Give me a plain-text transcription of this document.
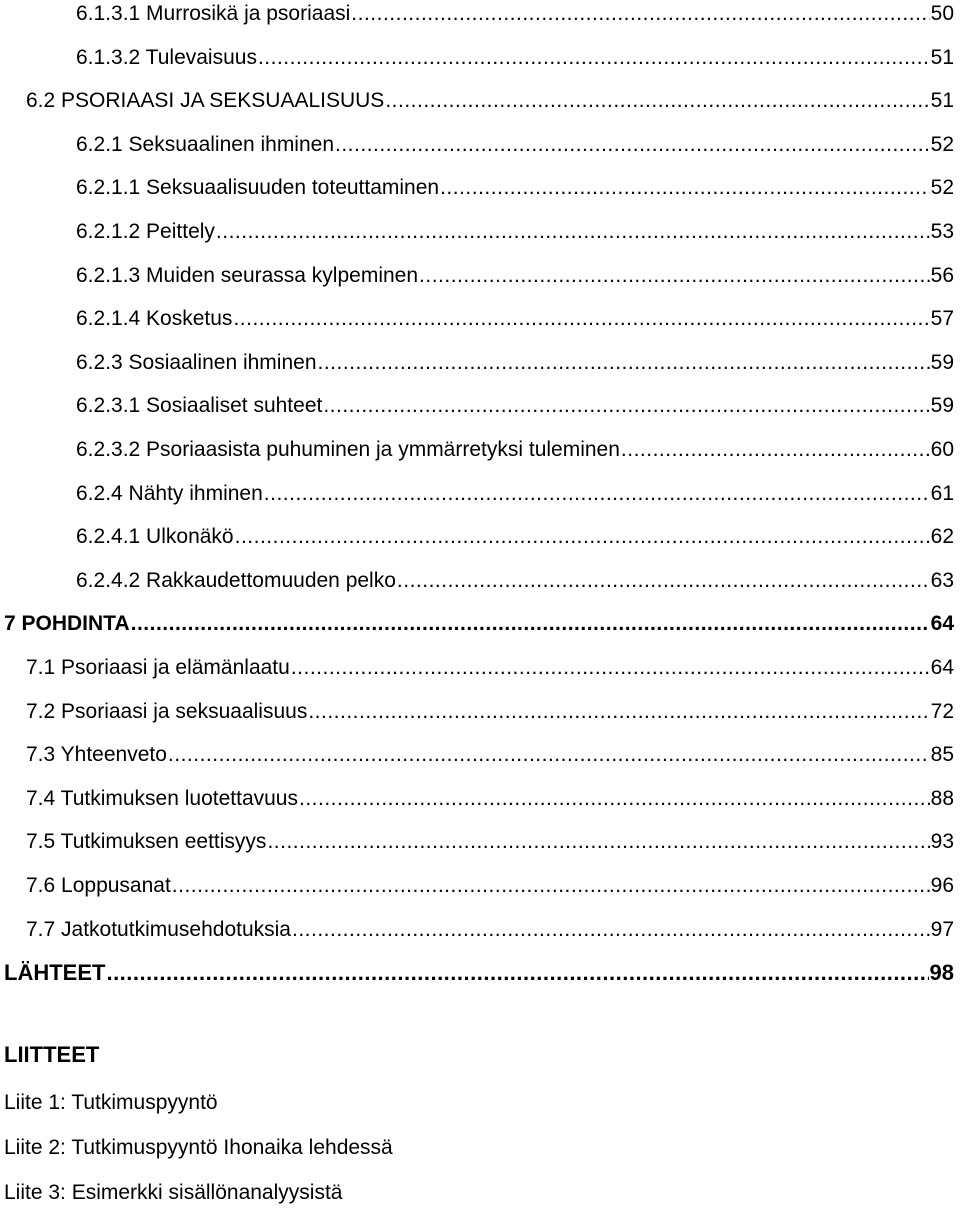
6.1.3.1 Murrosikä ja psoriaasi .....	50
6.1.3.2 Tulevaisuus .....	51
6.2 PSORIAASI JA SEKSUAALISUUS .....	51
6.2.1 Seksuaalinen ihminen .....	52
6.2.1.1 Seksuaalisuuden toteuttaminen .....	52
6.2.1.2 Peittely .....	53
6.2.1.3 Muiden seurassa kylpeminen .....	56
6.2.1.4 Kosketus .....	57
6.2.3 Sosiaalinen ihminen .....	59
6.2.3.1 Sosiaaliset suhteet .....	59
6.2.3.2 Psoriaasista puhuminen ja ymmärretyksi tuleminen .....	60
6.2.4 Nähty ihminen .....	61
6.2.4.1 Ulkonäkö .....	62
6.2.4.2 Rakkaudettomuuden pelko .....	63
7 POHDINTA .....	64
7.1 Psoriaasi ja elämänlaatu .....	64
7.2 Psoriaasi ja seksuaalisuus .....	72
7.3 Yhteenveto .....	85
7.4 Tutkimuksen luotettavuus .....	88
7.5 Tutkimuksen eettisyys .....	93
7.6 Loppusanat .....	96
7.7 Jatkotutkimusehdotuksia .....	97
LÄHTEET .....	98
LIITTEET
Liite 1: Tutkimuspyyntö
Liite 2: Tutkimuspyyntö Ihonaika lehdessä
Liite 3: Esimerkki sisällönanalyysistä
